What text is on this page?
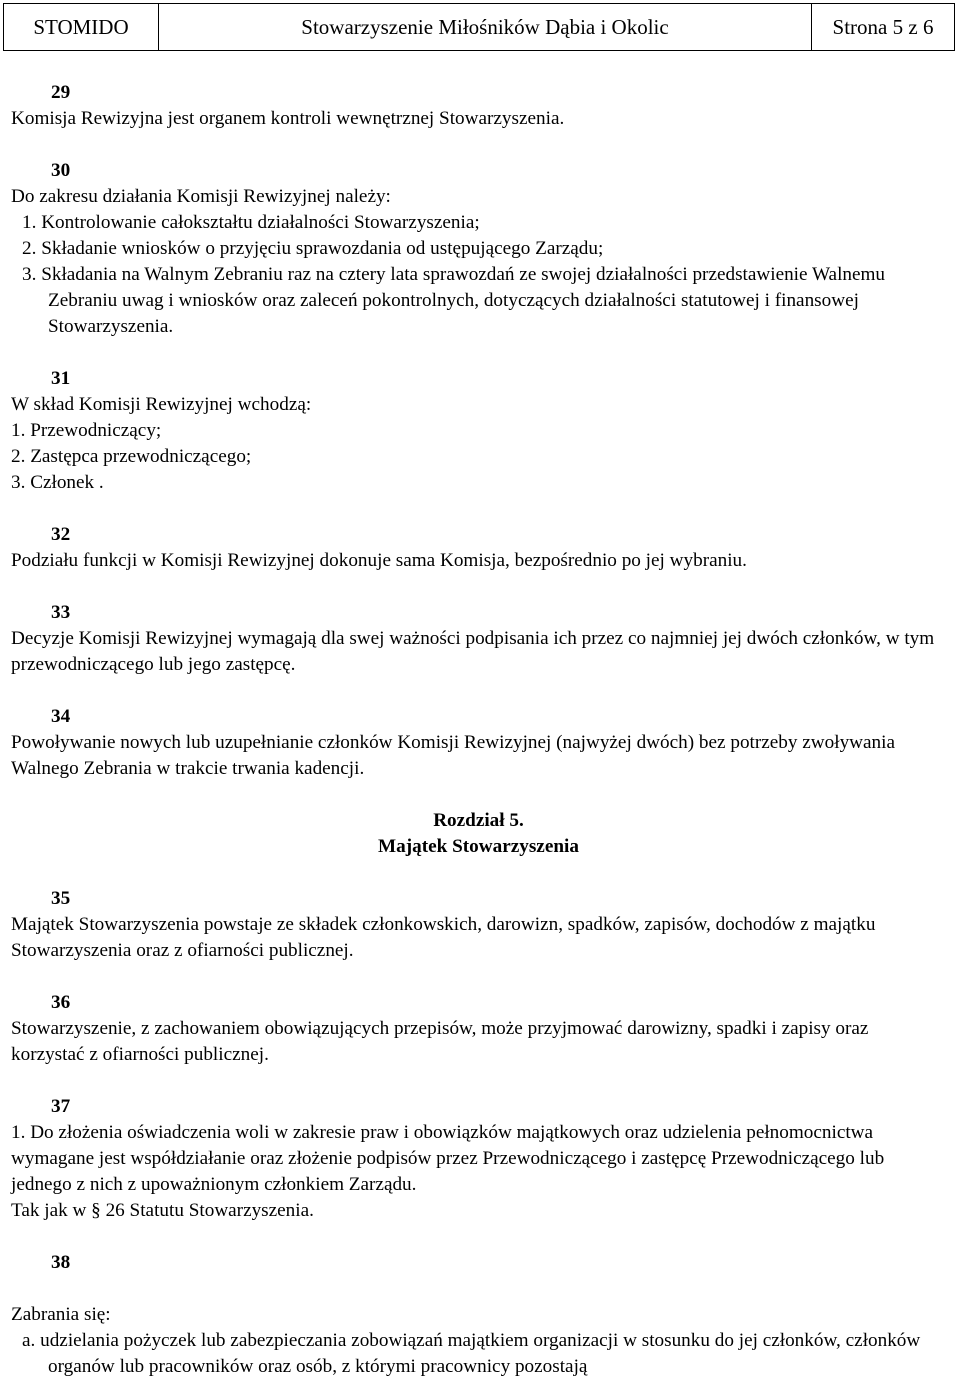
STOMIDO	Stowarzyszenie Miłośników Dąbia i Okolic	Strona 5 z 6

29

Komisja Rewizyjna jest organem kontroli wewnętrznej Stowarzyszenia.

30

Do zakresu działania Komisji Rewizyjnej należy:

1. Kontrolowanie całokształtu działalności Stowarzyszenia;

2. Składanie wniosków o przyjęciu sprawozdania od ustępującego Zarządu;

3. Składania na Walnym Zebraniu raz na cztery lata sprawozdań ze swojej działalności przedstawienie Walnemu Zebraniu uwag i wniosków oraz zaleceń pokontrolnych, dotyczących działalności statutowej i finansowej Stowarzyszenia.

31

W skład Komisji Rewizyjnej wchodzą:

1. Przewodniczący;

2. Zastępca przewodniczącego;

3. Członek .

32

Podziału funkcji w Komisji Rewizyjnej dokonuje sama Komisja, bezpośrednio po jej wybraniu.

33

Decyzje Komisji Rewizyjnej wymagają dla swej ważności podpisania ich przez co najmniej jej dwóch członków, w tym przewodniczącego lub jego zastępcę.

34

Powoływanie nowych lub uzupełnianie członków Komisji Rewizyjnej (najwyżej dwóch) bez potrzeby zwoływania Walnego Zebrania w trakcie trwania kadencji.

Rozdział 5.

Majątek Stowarzyszenia

35

Majątek Stowarzyszenia powstaje ze składek członkowskich, darowizn, spadków, zapisów, dochodów z majątku Stowarzyszenia oraz z ofiarności publicznej.

36

Stowarzyszenie, z zachowaniem obowiązujących przepisów, może przyjmować darowizny, spadki i zapisy oraz korzystać z ofiarności publicznej.

37

1. Do złożenia oświadczenia woli w zakresie praw i obowiązków majątkowych oraz udzielenia pełnomocnictwa wymagane jest współdziałanie oraz złożenie podpisów przez Przewodniczącego i zastępcę Przewodniczącego lub jednego z nich z upoważnionym członkiem Zarządu.

Tak jak w § 26 Statutu Stowarzyszenia.

38

Zabrania się:

a. udzielania pożyczek lub zabezpieczania zobowiązań majątkiem organizacji w stosunku do jej członków, członków organów lub pracowników oraz osób, z którymi pracownicy pozostają
